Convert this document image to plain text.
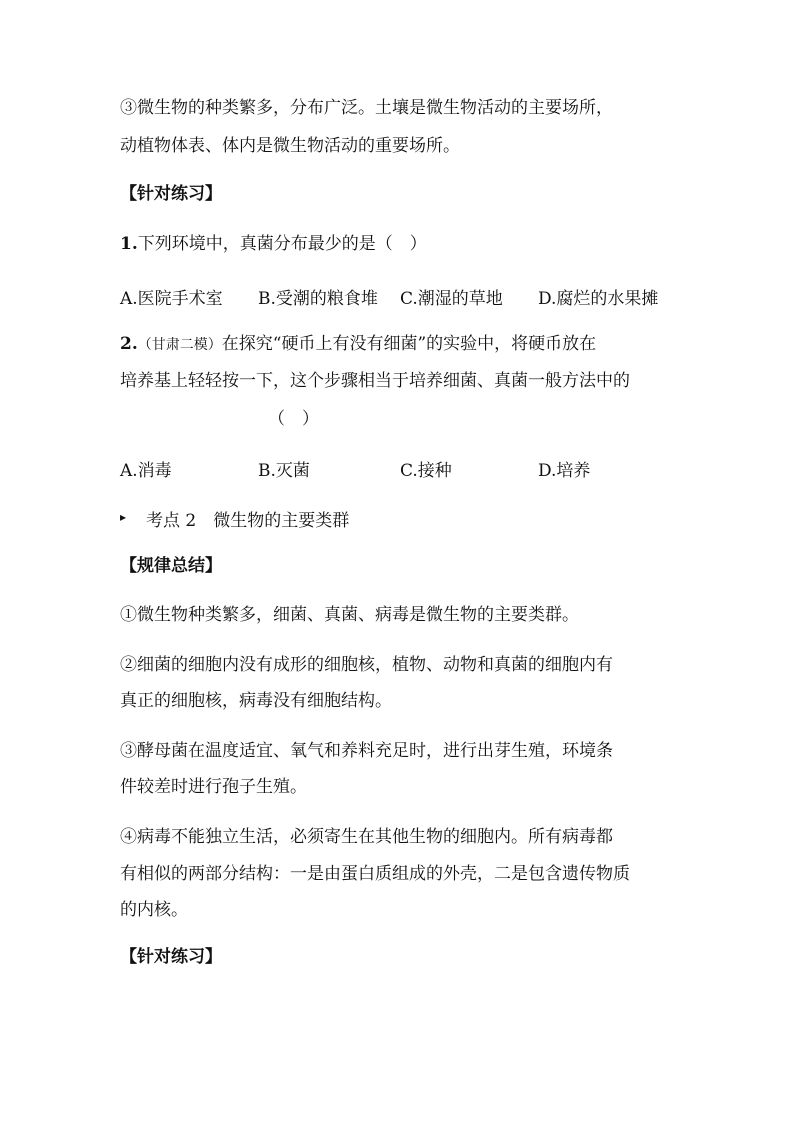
③微生物的种类繁多，分布广泛。土壤是微生物活动的主要场所，
动植物体表、体内是微生物活动的重要场所。
【针对练习】
1.下列环境中，真菌分布最少的是（　）
A.医院手术室 B.受潮的粮食堆 C.潮湿的草地 D.腐烂的水果摊
2.（甘肃二模）在探究“硬币上有没有细菌”的实验中，将硬币放在
培养基上轻轻按一下，这个步骤相当于培养细菌、真菌一般方法中的
（　）
A.消毒	B.灭菌	C.接种	D.培养
▸ 考点 2　微生物的主要类群
【规律总结】
①微生物种类繁多，细菌、真菌、病毒是微生物的主要类群。
②细菌的细胞内没有成形的细胞核，植物、动物和真菌的细胞内有
真正的细胞核，病毒没有细胞结构。
③酵母菌在温度适宜、氧气和养料充足时，进行出芽生殖，环境条
件较差时进行孢子生殖。
④病毒不能独立生活，必须寄生在其他生物的细胞内。所有病毒都
有相似的两部分结构：一是由蛋白质组成的外壳，二是包含遗传物质
的内核。
【针对练习】
